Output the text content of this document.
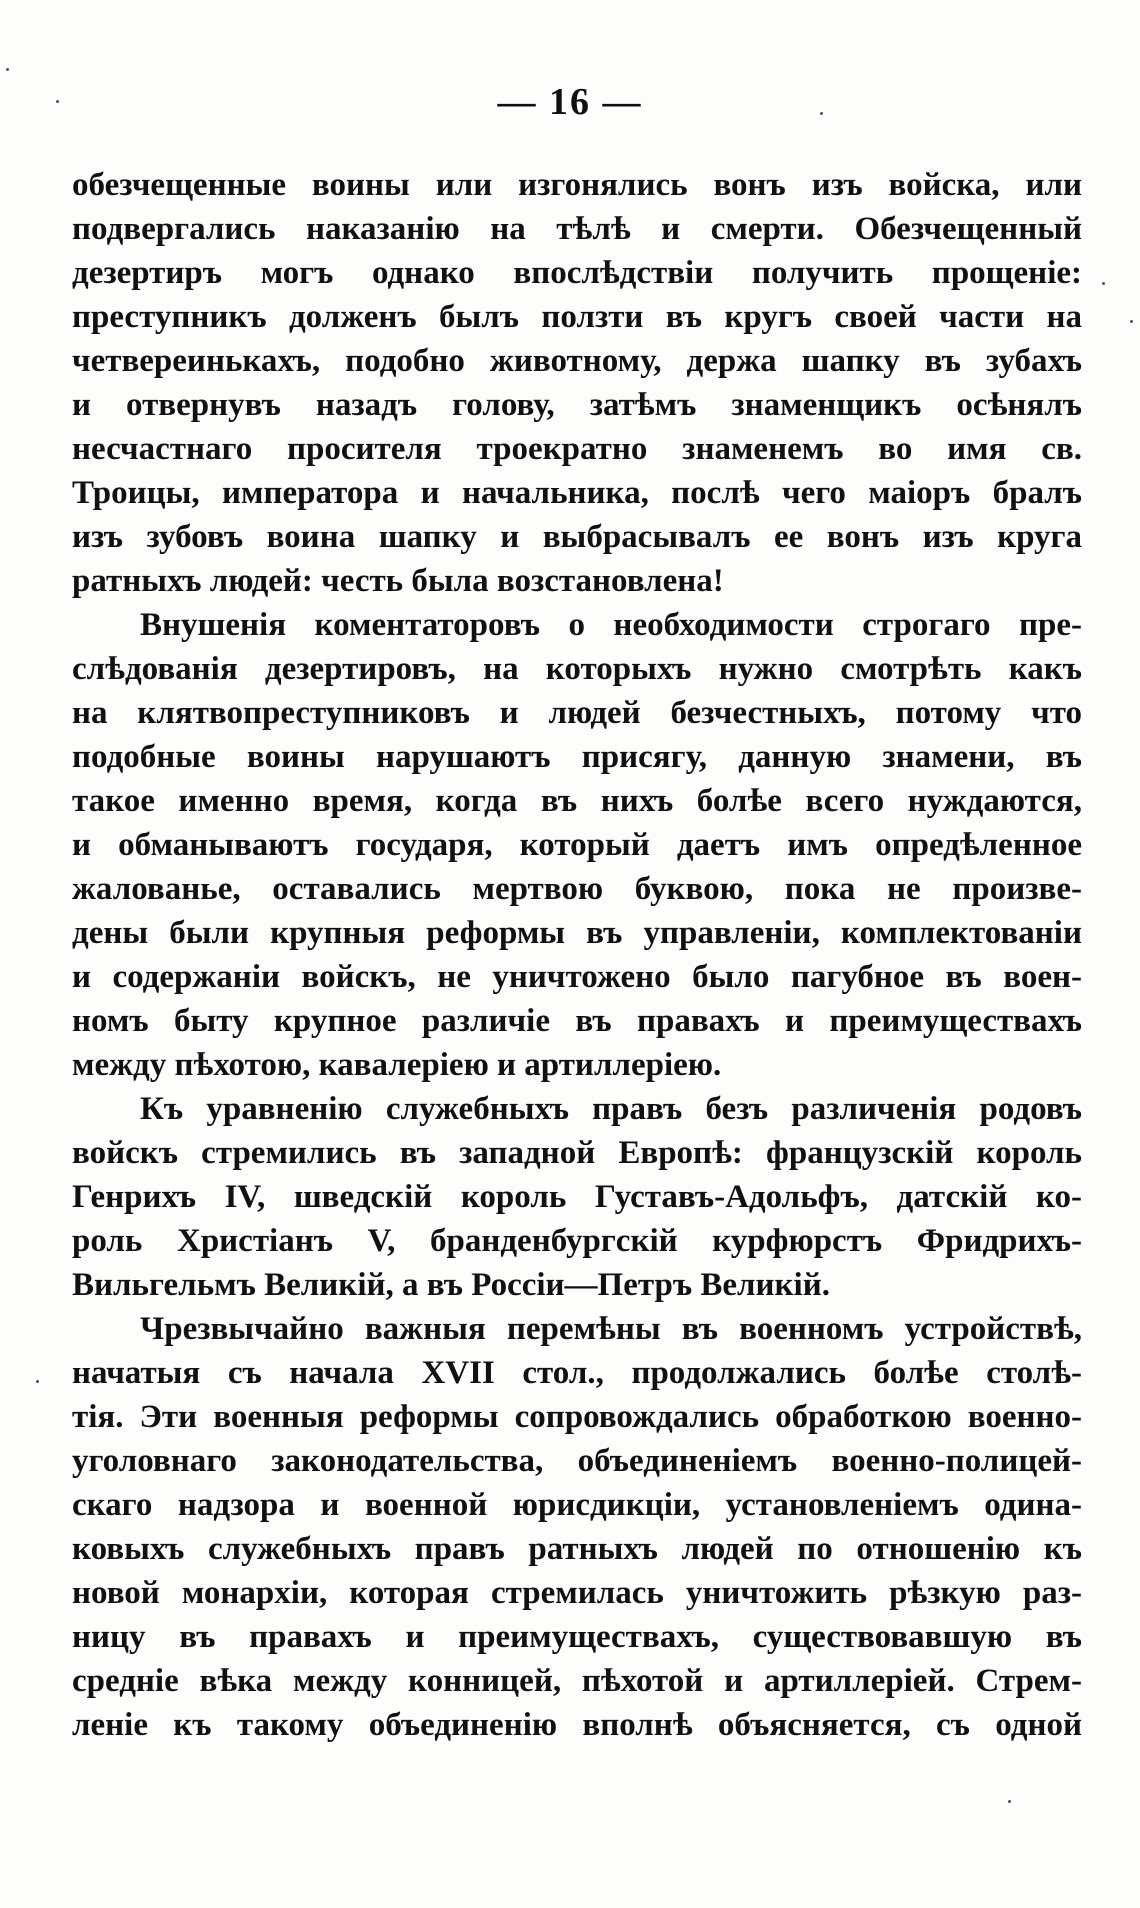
— 16 —
обезчещенные воины или изгонялись вонъ изъ войска, или
подвергались наказанію на тѣлѣ и смерти. Обезчещенный
дезертиръ могъ однако впослѣдствіи получить прощеніе:
преступникъ долженъ былъ ползти въ кругъ своей части на
четвереинькахъ, подобно животному, держа шапку въ зубахъ
и отвернувъ назадъ голову, затѣмъ знаменщикъ осѣнялъ
несчастнаго просителя троекратно знаменемъ во имя св.
Троицы, императора и начальника, послѣ чего маіоръ бралъ
изъ зубовъ воина шапку и выбрасывалъ ее вонъ изъ круга
ратныхъ людей: честь была возстановлена!
Внушенія коментаторовъ о необходимости строгаго пре-
слѣдованія дезертировъ, на которыхъ нужно смотрѣть какъ
на клятвопреступниковъ и людей безчестныхъ, потому что
подобные воины нарушаютъ присягу, данную знамени, въ
такое именно время, когда въ нихъ болѣе всего нуждаются,
и обманываютъ государя, который даетъ имъ опредѣленное
жалованье, оставались мертвою буквою, пока не произве-
дены были крупныя реформы въ управленіи, комплектованіи
и содержаніи войскъ, не уничтожено было пагубное въ воен-
номъ быту крупное различіе въ правахъ и преимуществахъ
между пѣхотою, кавалеріею и артиллеріею.
Къ уравненію служебныхъ правъ безъ различенія родовъ
войскъ стремились въ западной Европѣ: французскій король
Генрихъ IV, шведскій король Густавъ-Адольфъ, датскій ко-
роль Христіанъ V, бранденбургскій курфюрстъ Фридрихъ-
Вильгельмъ Великій, а въ Россіи—Петръ Великій.
Чрезвычайно важныя перемѣны въ военномъ устройствѣ,
начатыя съ начала XVII стол., продолжались болѣе столѣ-
тія. Эти военныя реформы сопровождались обработкою военно-
уголовнаго законодательства, объединеніемъ военно-полицей-
скаго надзора и военной юрисдикціи, установленіемъ одина-
ковыхъ служебныхъ правъ ратныхъ людей по отношенію къ
новой монархіи, которая стремилась уничтожить рѣзкую раз-
ницу въ правахъ и преимуществахъ, существовавшую въ
средніе вѣка между конницей, пѣхотой и артиллеріей. Стрем-
леніе къ такому объединенію вполнѣ объясняется, съ одной
